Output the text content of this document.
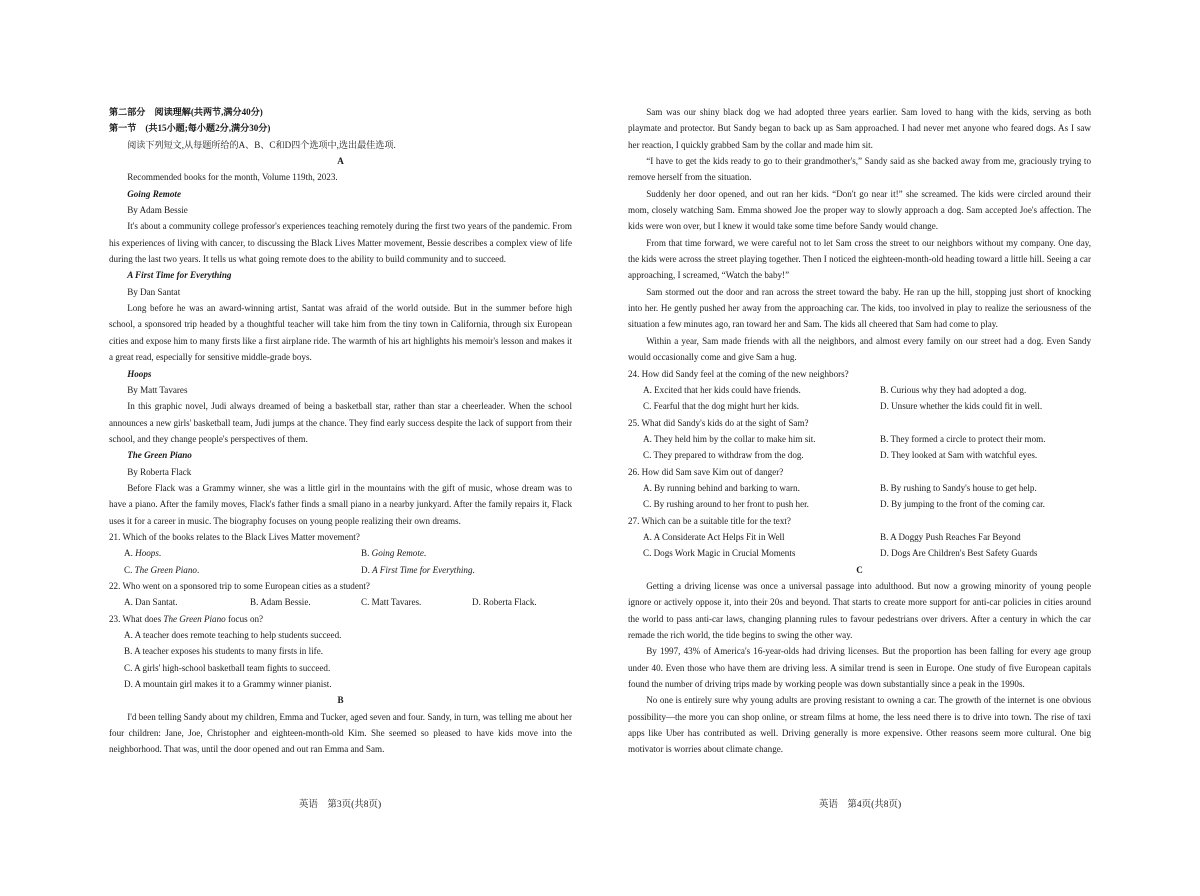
第二部分　阅读理解(共两节,满分40分)

第一节　(共15小题;每小题2分,满分30分)

阅读下列短文,从每题所给的A、B、C和D四个选项中,选出最佳选项.

A

Recommended books for the month, Volume 119th, 2023.

Going Remote

By Adam Bessie

It's about a community college professor's experiences teaching remotely during the first two years of the pandemic. From his experiences of living with cancer, to discussing the Black Lives Matter movement, Bessie describes a complex view of life during the last two years. It tells us what going remote does to the ability to build community and to succeed.

A First Time for Everything

By Dan Santat

Long before he was an award-winning artist, Santat was afraid of the world outside. But in the summer before high school, a sponsored trip headed by a thoughtful teacher will take him from the tiny town in California, through six European cities and expose him to many firsts like a first airplane ride. The warmth of his art highlights his memoir's lesson and makes it a great read, especially for sensitive middle-grade boys.

Hoops

By Matt Tavares

In this graphic novel, Judi always dreamed of being a basketball star, rather than star a cheerleader. When the school announces a new girls' basketball team, Judi jumps at the chance. They find early success despite the lack of support from their school, and they change people's perspectives of them.

The Green Piano

By Roberta Flack

Before Flack was a Grammy winner, she was a little girl in the mountains with the gift of music, whose dream was to have a piano. After the family moves, Flack's father finds a small piano in a nearby junkyard. After the family repairs it, Flack uses it for a career in music. The biography focuses on young people realizing their own dreams.

21. Which of the books relates to the Black Lives Matter movement?

A. Hoops.	B. Going Remote.
C. The Green Piano.	D. A First Time for Everything.

22. Who went on a sponsored trip to some European cities as a student?

A. Dan Santat.	B. Adam Bessie.	C. Matt Tavares.	D. Roberta Flack.

23. What does The Green Piano focus on?

A. A teacher does remote teaching to help students succeed.

B. A teacher exposes his students to many firsts in life.

C. A girls' high-school basketball team fights to succeed.

D. A mountain girl makes it to a Grammy winner pianist.

B

I'd been telling Sandy about my children, Emma and Tucker, aged seven and four. Sandy, in turn, was telling me about her four children: Jane, Joe, Christopher and eighteen-month-old Kim. She seemed so pleased to have kids move into the neighborhood. That was, until the door opened and out ran Emma and Sam.

英语　第3页(共8页)

Sam was our shiny black dog we had adopted three years earlier. Sam loved to hang with the kids, serving as both playmate and protector. But Sandy began to back up as Sam approached. I had never met anyone who feared dogs. As I saw her reaction, I quickly grabbed Sam by the collar and made him sit.

“I have to get the kids ready to go to their grandmother's,” Sandy said as she backed away from me, graciously trying to remove herself from the situation.

Suddenly her door opened, and out ran her kids. “Don't go near it!” she screamed. The kids were circled around their mom, closely watching Sam. Emma showed Joe the proper way to slowly approach a dog. Sam accepted Joe's affection. The kids were won over, but I knew it would take some time before Sandy would change.

From that time forward, we were careful not to let Sam cross the street to our neighbors without my company. One day, the kids were across the street playing together. Then I noticed the eighteen-month-old heading toward a little hill. Seeing a car approaching, I screamed, “Watch the baby!”

Sam stormed out the door and ran across the street toward the baby. He ran up the hill, stopping just short of knocking into her. He gently pushed her away from the approaching car. The kids, too involved in play to realize the seriousness of the situation a few minutes ago, ran toward her and Sam. The kids all cheered that Sam had come to play.

Within a year, Sam made friends with all the neighbors, and almost every family on our street had a dog. Even Sandy would occasionally come and give Sam a hug.

24. How did Sandy feel at the coming of the new neighbors?

A. Excited that her kids could have friends.	B. Curious why they had adopted a dog.
C. Fearful that the dog might hurt her kids.	D. Unsure whether the kids could fit in well.

25. What did Sandy's kids do at the sight of Sam?

A. They held him by the collar to make him sit.	B. They formed a circle to protect their mom.
C. They prepared to withdraw from the dog.	D. They looked at Sam with watchful eyes.

26. How did Sam save Kim out of danger?

A. By running behind and barking to warn.	B. By rushing to Sandy's house to get help.
C. By rushing around to her front to push her.	D. By jumping to the front of the coming car.

27. Which can be a suitable title for the text?

A. A Considerate Act Helps Fit in Well	B. A Doggy Push Reaches Far Beyond
C. Dogs Work Magic in Crucial Moments	D. Dogs Are Children's Best Safety Guards

C

Getting a driving license was once a universal passage into adulthood. But now a growing minority of young people ignore or actively oppose it, into their 20s and beyond. That starts to create more support for anti-car policies in cities around the world to pass anti-car laws, changing planning rules to favour pedestrians over drivers. After a century in which the car remade the rich world, the tide begins to swing the other way.

By 1997, 43% of America's 16-year-olds had driving licenses. But the proportion has been falling for every age group under 40. Even those who have them are driving less. A similar trend is seen in Europe. One study of five European capitals found the number of driving trips made by working people was down substantially since a peak in the 1990s.

No one is entirely sure why young adults are proving resistant to owning a car. The growth of the internet is one obvious possibility—the more you can shop online, or stream films at home, the less need there is to drive into town. The rise of taxi apps like Uber has contributed as well. Driving generally is more expensive. Other reasons seem more cultural. One big motivator is worries about climate change.

英语　第4页(共8页)
